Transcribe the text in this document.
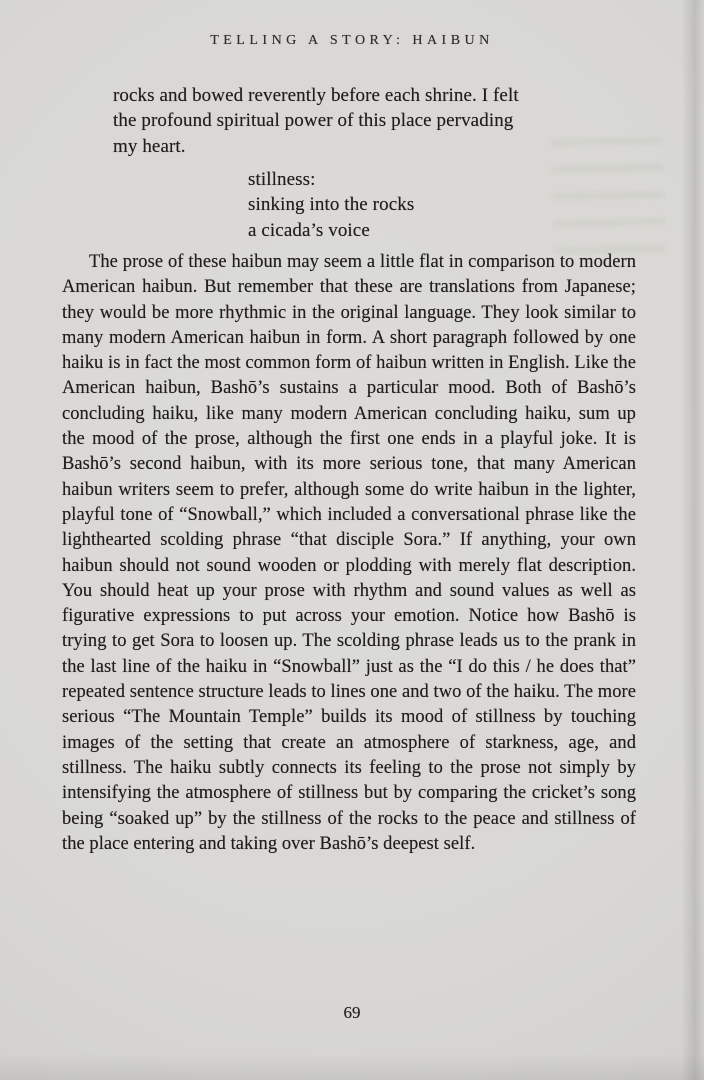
TELLING A STORY: HAIBUN
rocks and bowed reverently before each shrine. I felt
the profound spiritual power of this place pervading
my heart.
stillness:
sinking into the rocks
a cicada’s voice

The prose of these haibun may seem a little flat in comparison to modern American haibun. But remember that these are translations from Japanese; they would be more rhythmic in the original language. They look similar to many modern American haibun in form. A short paragraph followed by one haiku is in fact the most common form of haibun written in English. Like the American haibun, Bashō’s sustains a particular mood. Both of Bashō’s concluding haiku, like many modern American concluding haiku, sum up the mood of the prose, although the first one ends in a playful joke. It is Bashō’s second haibun, with its more serious tone, that many American haibun writers seem to prefer, although some do write haibun in the lighter, playful tone of “Snowball,” which included a conversational phrase like the lighthearted scolding phrase “that disciple Sora.” If anything, your own haibun should not sound wooden or plodding with merely flat description. You should heat up your prose with rhythm and sound values as well as figurative expressions to put across your emotion. Notice how Bashō is trying to get Sora to loosen up. The scolding phrase leads us to the prank in the last line of the haiku in “Snowball” just as the “I do this / he does that” repeated sentence structure leads to lines one and two of the haiku. The more serious “The Mountain Temple” builds its mood of stillness by touching images of the setting that create an atmosphere of starkness, age, and stillness. The haiku subtly connects its feeling to the prose not simply by intensifying the atmosphere of stillness but by comparing the cricket’s song being “soaked up” by the stillness of the rocks to the peace and stillness of the place entering and taking over Bashō’s deepest self.

69
